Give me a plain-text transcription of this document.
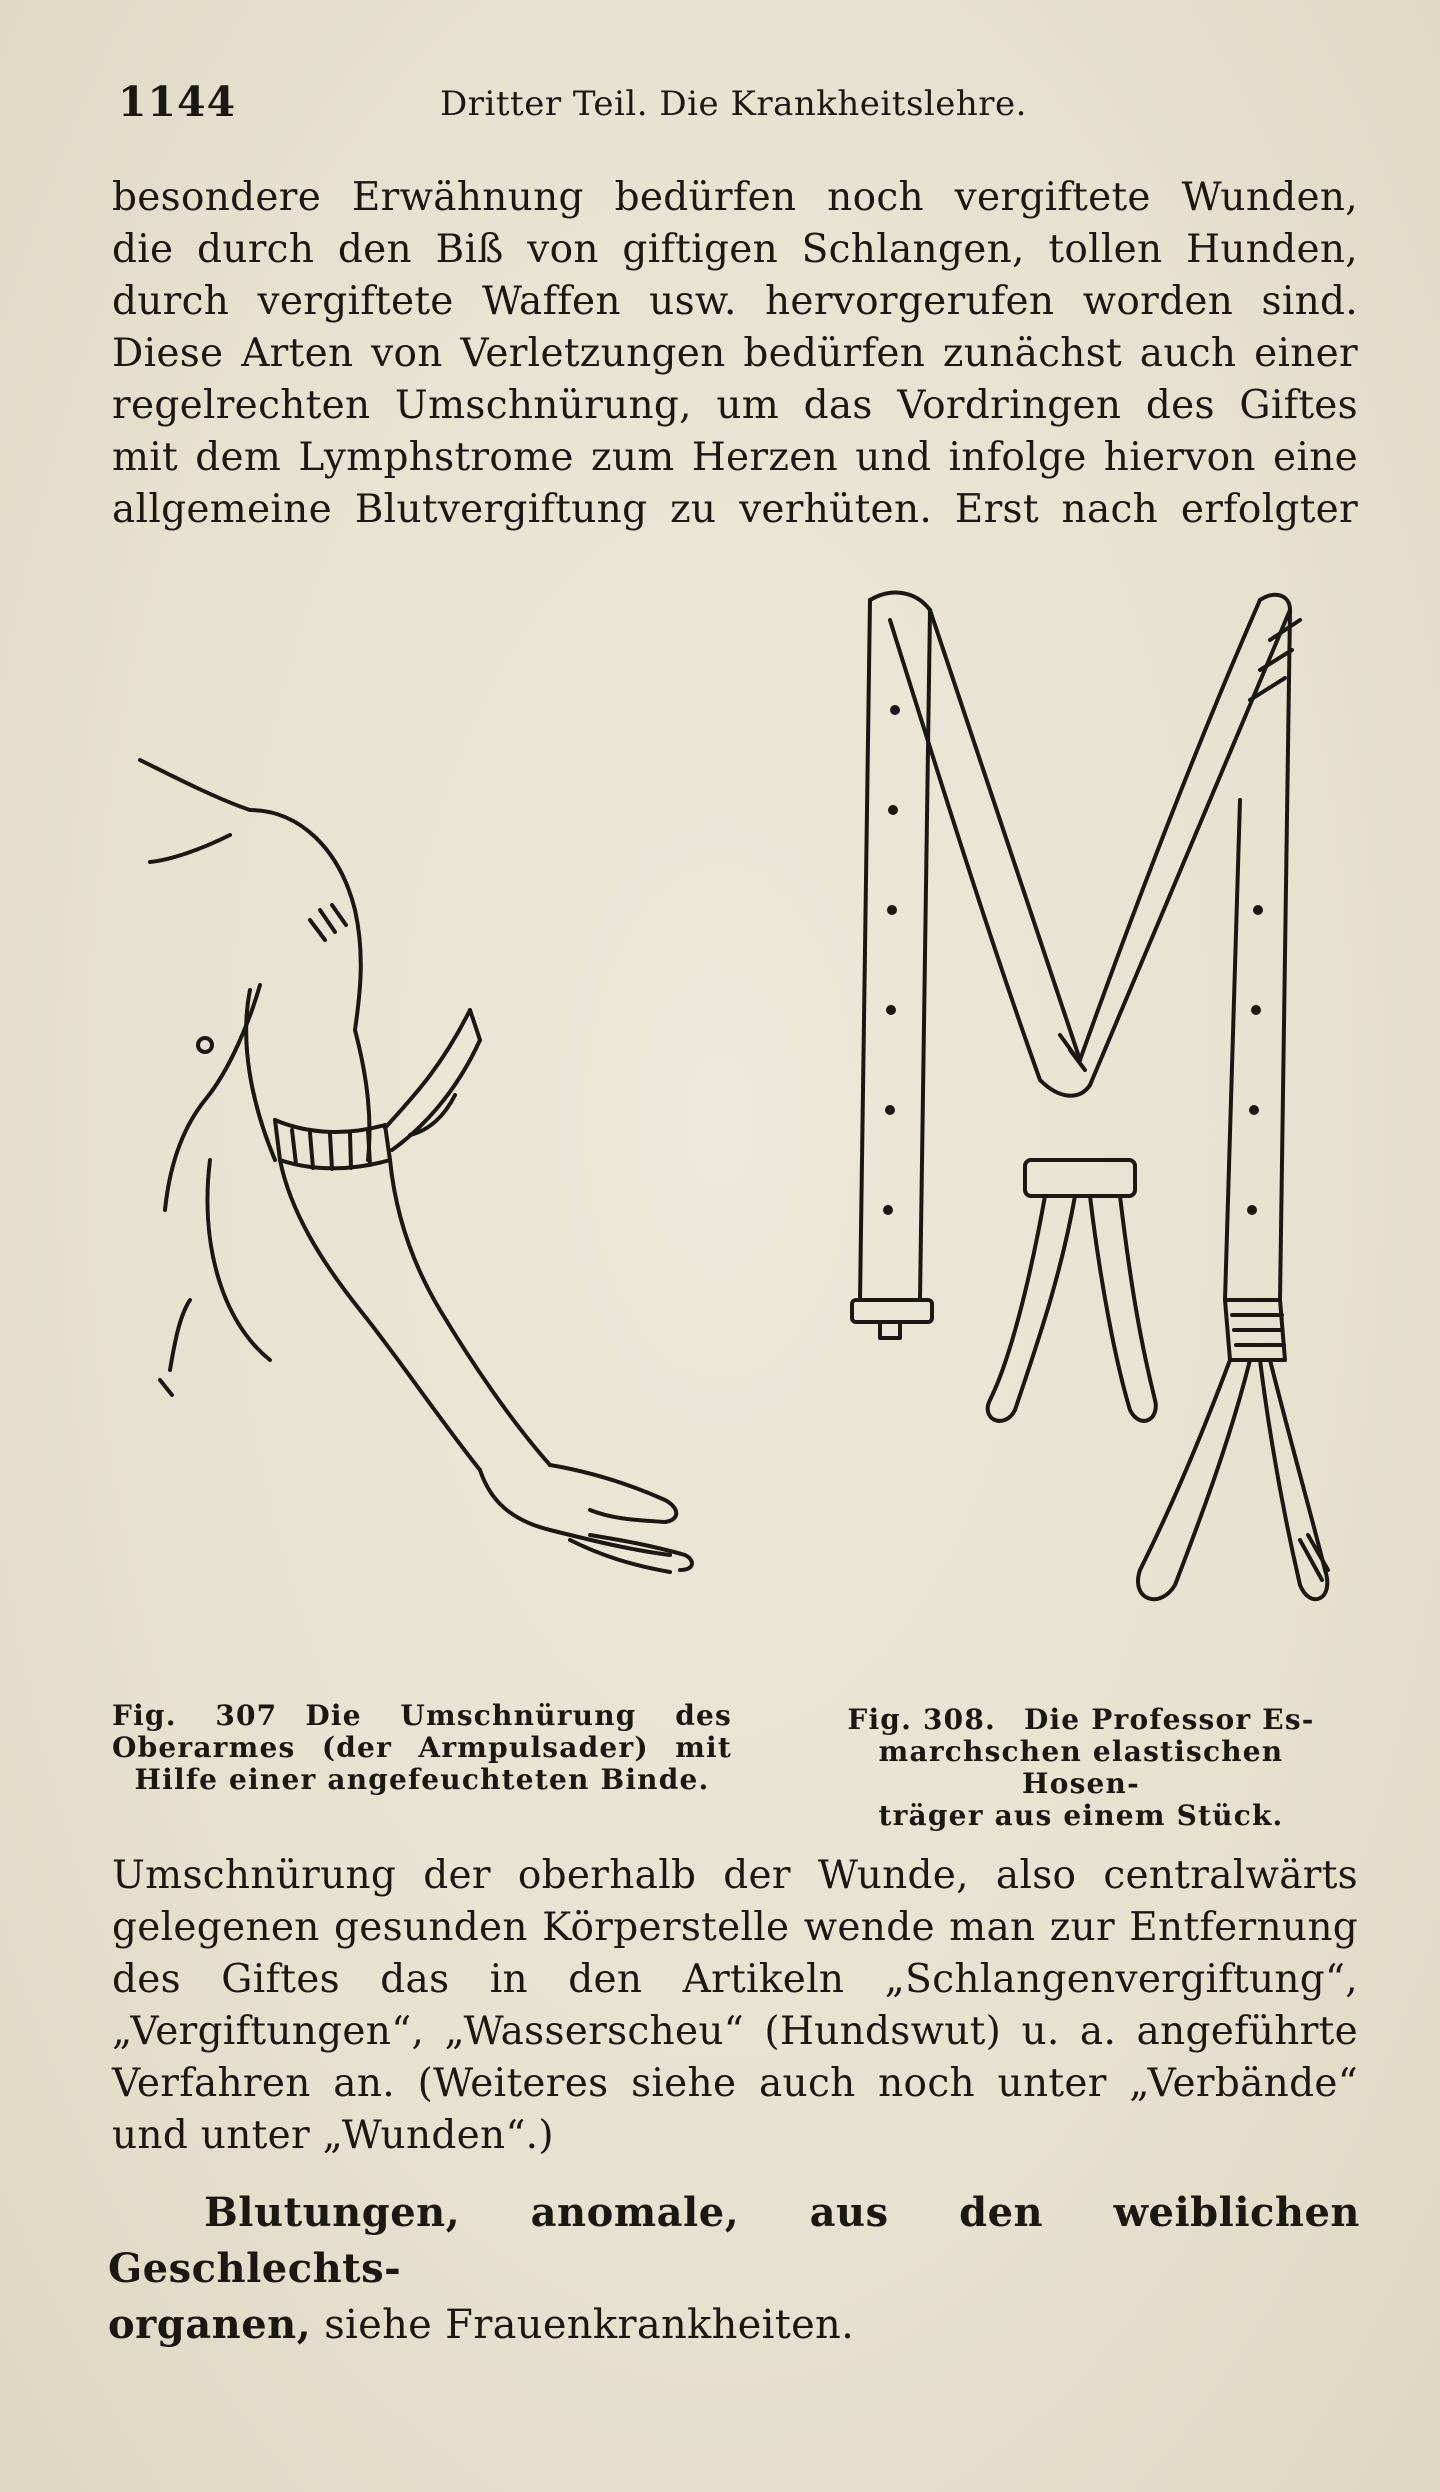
1144	Dritter Teil. Die Krankheitslehre.
besondere Erwähnung bedürfen noch vergiftete Wunden,
die durch den Biß von giftigen Schlangen, tollen Hunden,
durch vergiftete Waffen usw. hervorgerufen worden sind.
Diese Arten von Verletzungen bedürfen zunächst auch einer
regelrechten Umschnürung, um das Vordringen des Giftes
mit dem Lymphstrome zum Herzen und infolge hiervon eine
allgemeine Blutvergiftung zu verhüten. Erst nach erfolgter
Fig. 307 Die Umschnürung des
Oberarmes (der Armpulsader) mit
Hilfe einer angefeuchteten Binde.
Fig. 308. Die Professor Es-
marchschen elastischen Hosen-
träger aus einem Stück.
Umschnürung der oberhalb der Wunde, also centralwärts
gelegenen gesunden Körperstelle wende man zur Entfernung
des Giftes das in den Artikeln „Schlangenvergiftung“,
„Vergiftungen“, „Wasserscheu“ (Hundswut) u. a. angeführte
Verfahren an. (Weiteres siehe auch noch unter „Verbände“
und unter „Wunden“.)
Blutungen, anomale, aus den weiblichen Geschlechts-
organen, siehe Frauenkrankheiten.
